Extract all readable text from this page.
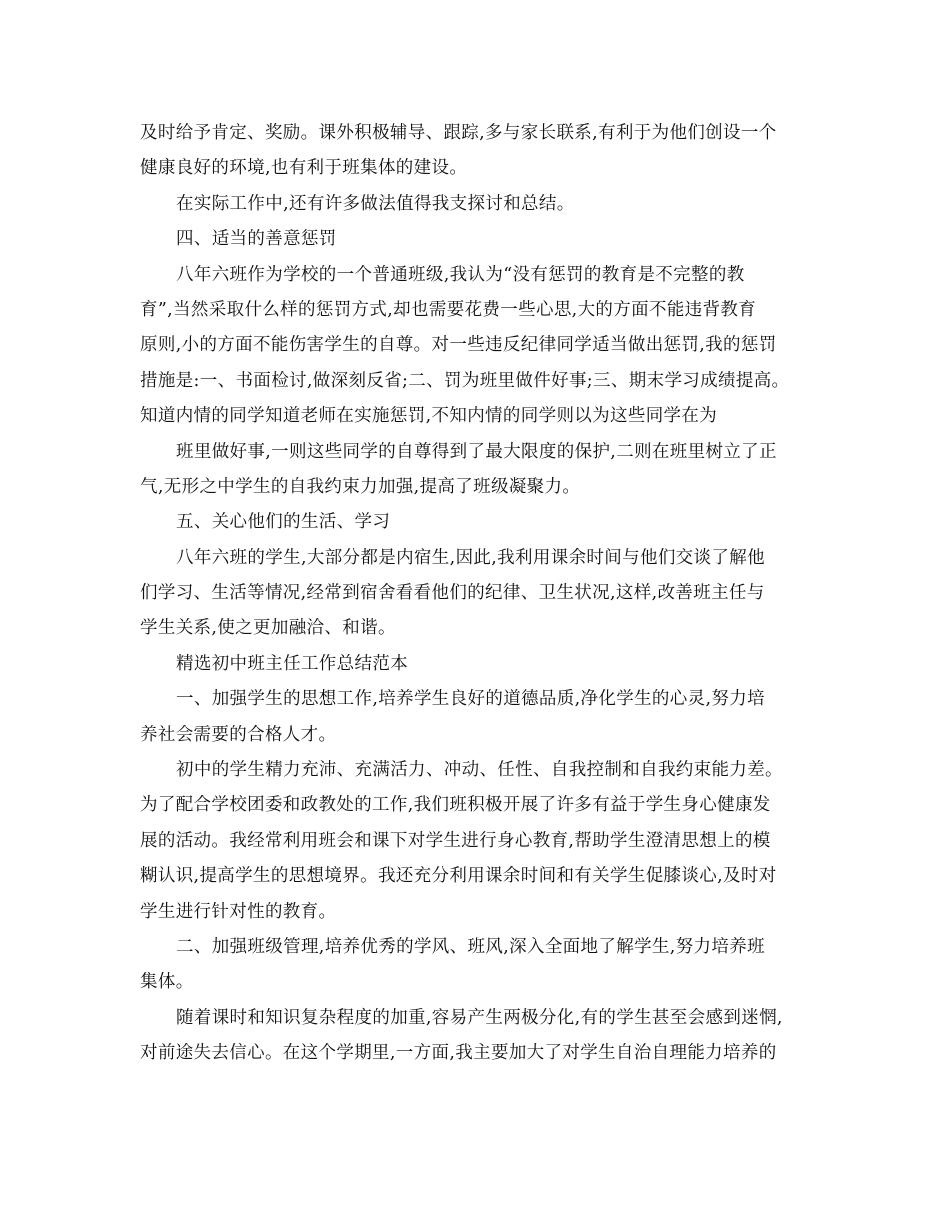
及时给予肯定、奖励。课外积极辅导、跟踪,多与家长联系,有利于为他们创设一个
健康良好的环境,也有利于班集体的建设。
在实际工作中,还有许多做法值得我支探讨和总结。
四、适当的善意惩罚
八年六班作为学校的一个普通班级,我认为“没有惩罚的教育是不完整的教
育”,当然采取什么样的惩罚方式,却也需要花费一些心思,大的方面不能违背教育
原则,小的方面不能伤害学生的自尊。对一些违反纪律同学适当做出惩罚,我的惩罚
措施是:一、书面检讨,做深刻反省;二、罚为班里做件好事;三、期末学习成绩提高。
知道内情的同学知道老师在实施惩罚,不知内情的同学则以为这些同学在为
班里做好事,一则这些同学的自尊得到了最大限度的保护,二则在班里树立了正
气,无形之中学生的自我约束力加强,提高了班级凝聚力。
五、关心他们的生活、学习
八年六班的学生,大部分都是内宿生,因此,我利用课余时间与他们交谈了解他
们学习、生活等情况,经常到宿舍看看他们的纪律、卫生状况,这样,改善班主任与
学生关系,使之更加融洽、和谐。
精选初中班主任工作总结范本
一、加强学生的思想工作,培养学生良好的道德品质,净化学生的心灵,努力培
养社会需要的合格人才。
初中的学生精力充沛、充满活力、冲动、任性、自我控制和自我约束能力差。
为了配合学校团委和政教处的工作,我们班积极开展了许多有益于学生身心健康发
展的活动。我经常利用班会和课下对学生进行身心教育,帮助学生澄清思想上的模
糊认识,提高学生的思想境界。我还充分利用课余时间和有关学生促膝谈心,及时对
学生进行针对性的教育。
二、加强班级管理,培养优秀的学风、班风,深入全面地了解学生,努力培养班
集体。
随着课时和知识复杂程度的加重,容易产生两极分化,有的学生甚至会感到迷惘,
对前途失去信心。在这个学期里,一方面,我主要加大了对学生自治自理能力培养的
